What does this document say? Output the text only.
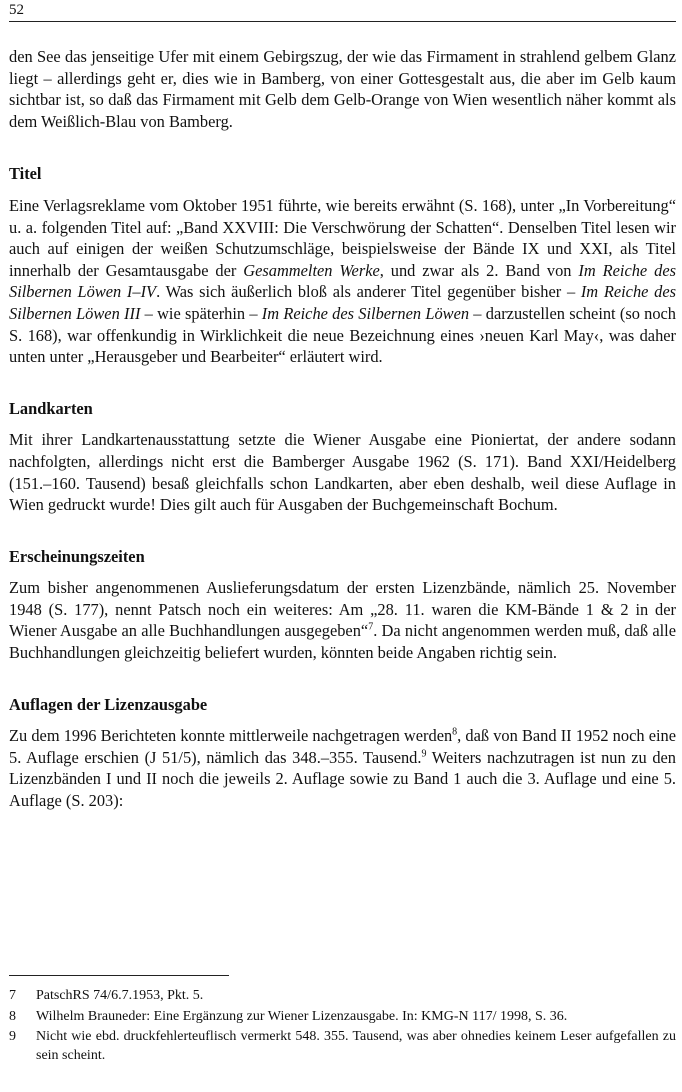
52

den See das jenseitige Ufer mit einem Gebirgszug, der wie das Firmament in strahlend gelbem Glanz liegt – allerdings geht er, dies wie in Bamberg, von einer Gottesgestalt aus, die aber im Gelb kaum sichtbar ist, so daß das Firmament mit Gelb dem Gelb-Orange von Wien wesentlich näher kommt als dem Weißlich-Blau von Bamberg.

Titel

Eine Verlagsreklame vom Oktober 1951 führte, wie bereits erwähnt (S. 168), unter „In Vorbereitung“ u. a. folgenden Titel auf: „Band XXVIII: Die Verschwörung der Schatten“. Denselben Titel lesen wir auch auf einigen der weißen Schutzumschläge, beispielsweise der Bände IX und XXI, als Titel innerhalb der Gesamtausgabe der Gesammelten Werke, und zwar als 2. Band von Im Reiche des Silbernen Löwen I–IV. Was sich äußerlich bloß als anderer Titel gegenüber bisher – Im Reiche des Silbernen Löwen III – wie späterhin – Im Reiche des Silbernen Löwen – darzustellen scheint (so noch S. 168), war offenkundig in Wirklichkeit die neue Bezeichnung eines ›neuen Karl May‹, was daher unten unter „Herausgeber und Bearbeiter“ erläutert wird.

Landkarten

Mit ihrer Landkartenausstattung setzte die Wiener Ausgabe eine Pioniertat, der andere sodann nachfolgten, allerdings nicht erst die Bamberger Ausgabe 1962 (S. 171). Band XXI/Heidelberg (151.–160. Tausend) besaß gleichfalls schon Landkarten, aber eben deshalb, weil diese Auflage in Wien gedruckt wurde! Dies gilt auch für Ausgaben der Buchgemeinschaft Bochum.

Erscheinungszeiten

Zum bisher angenommenen Auslieferungsdatum der ersten Lizenzbände, nämlich 25. November 1948 (S. 177), nennt Patsch noch ein weiteres: Am „28. 11. waren die KM-Bände 1 & 2 in der Wiener Ausgabe an alle Buchhandlungen ausgegeben“$^7$. Da nicht angenommen werden muß, daß alle Buchhandlungen gleichzeitig beliefert wurden, könnten beide Angaben richtig sein.

Auflagen der Lizenzausgabe

Zu dem 1996 Berichteten konnte mittlerweile nachgetragen werden$^8$, daß von Band II 1952 noch eine 5. Auflage erschien (J 51/5), nämlich das 348.–355. Tausend.$^9$ Weiters nachzutragen ist nun zu den Lizenzbänden I und II noch die jeweils 2. Auflage sowie zu Band 1 auch die 3. Auflage und eine 5. Auflage (S. 203):

7	PatschRS 74/6.7.1953, Pkt. 5.
8	Wilhelm Brauneder: Eine Ergänzung zur Wiener Lizenzausgabe. In: KMG-N 117/ 1998, S. 36.
9	Nicht wie ebd. druckfehlerteuflisch vermerkt 548. 355. Tausend, was aber ohnedies keinem Leser aufgefallen zu sein scheint.
